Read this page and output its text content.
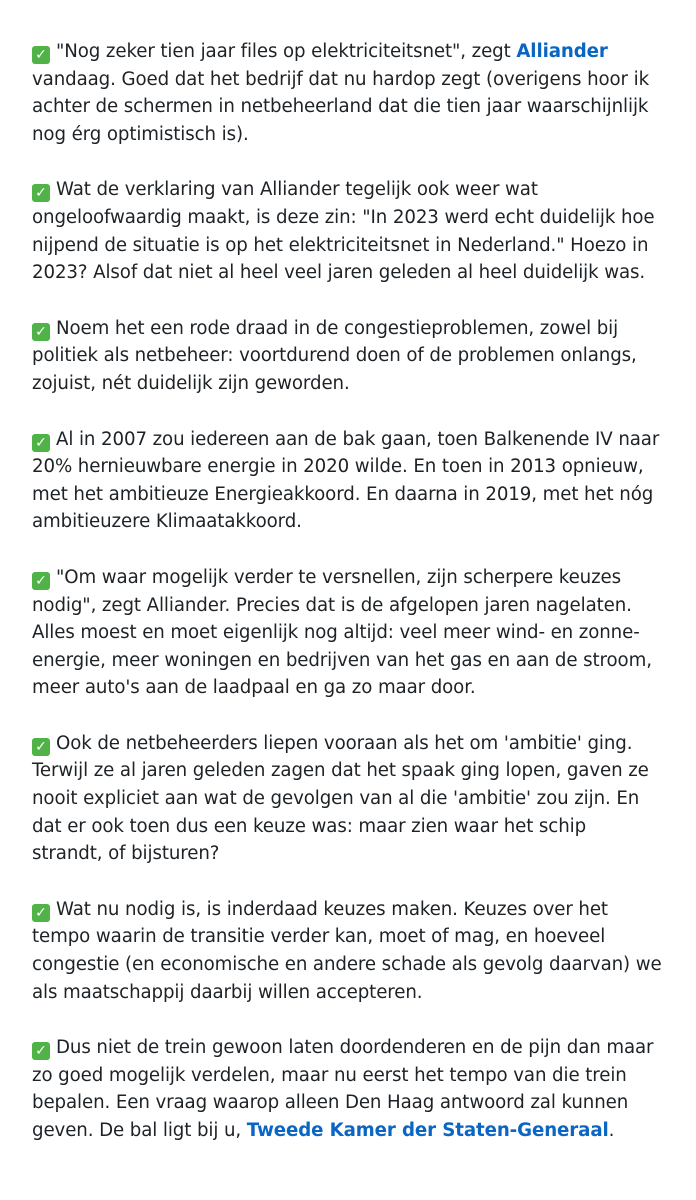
✓ "Nog zeker tien jaar files op elektriciteitsnet", zegt Alliander vandaag. Goed dat het bedrijf dat nu hardop zegt (overigens hoor ik achter de schermen in netbeheerland dat die tien jaar waarschijnlijk nog érg optimistisch is).

✓ Wat de verklaring van Alliander tegelijk ook weer wat ongeloofwaardig maakt, is deze zin: "In 2023 werd echt duidelijk hoe nijpend de situatie is op het elektriciteitsnet in Nederland." Hoezo in 2023? Alsof dat niet al heel veel jaren geleden al heel duidelijk was.

✓ Noem het een rode draad in de congestieproblemen, zowel bij politiek als netbeheer: voortdurend doen of de problemen onlangs, zojuist, nét duidelijk zijn geworden.

✓ Al in 2007 zou iedereen aan de bak gaan, toen Balkenende IV naar 20% hernieuwbare energie in 2020 wilde. En toen in 2013 opnieuw, met het ambitieuze Energieakkoord. En daarna in 2019, met het nóg ambitieuzere Klimaatakkoord.

✓ "Om waar mogelijk verder te versnellen, zijn scherpere keuzes nodig", zegt Alliander. Precies dat is de afgelopen jaren nagelaten. Alles moest en moet eigenlijk nog altijd: veel meer wind- en zonne-energie, meer woningen en bedrijven van het gas en aan de stroom, meer auto's aan de laadpaal en ga zo maar door.

✓ Ook de netbeheerders liepen vooraan als het om 'ambitie' ging. Terwijl ze al jaren geleden zagen dat het spaak ging lopen, gaven ze nooit expliciet aan wat de gevolgen van al die 'ambitie' zou zijn. En dat er ook toen dus een keuze was: maar zien waar het schip strandt, of bijsturen?

✓ Wat nu nodig is, is inderdaad keuzes maken. Keuzes over het tempo waarin de transitie verder kan, moet of mag, en hoeveel congestie (en economische en andere schade als gevolg daarvan) we als maatschappij daarbij willen accepteren.

✓ Dus niet de trein gewoon laten doordenderen en de pijn dan maar zo goed mogelijk verdelen, maar nu eerst het tempo van die trein bepalen. Een vraag waarop alleen Den Haag antwoord zal kunnen geven. De bal ligt bij u, Tweede Kamer der Staten-Generaal.
